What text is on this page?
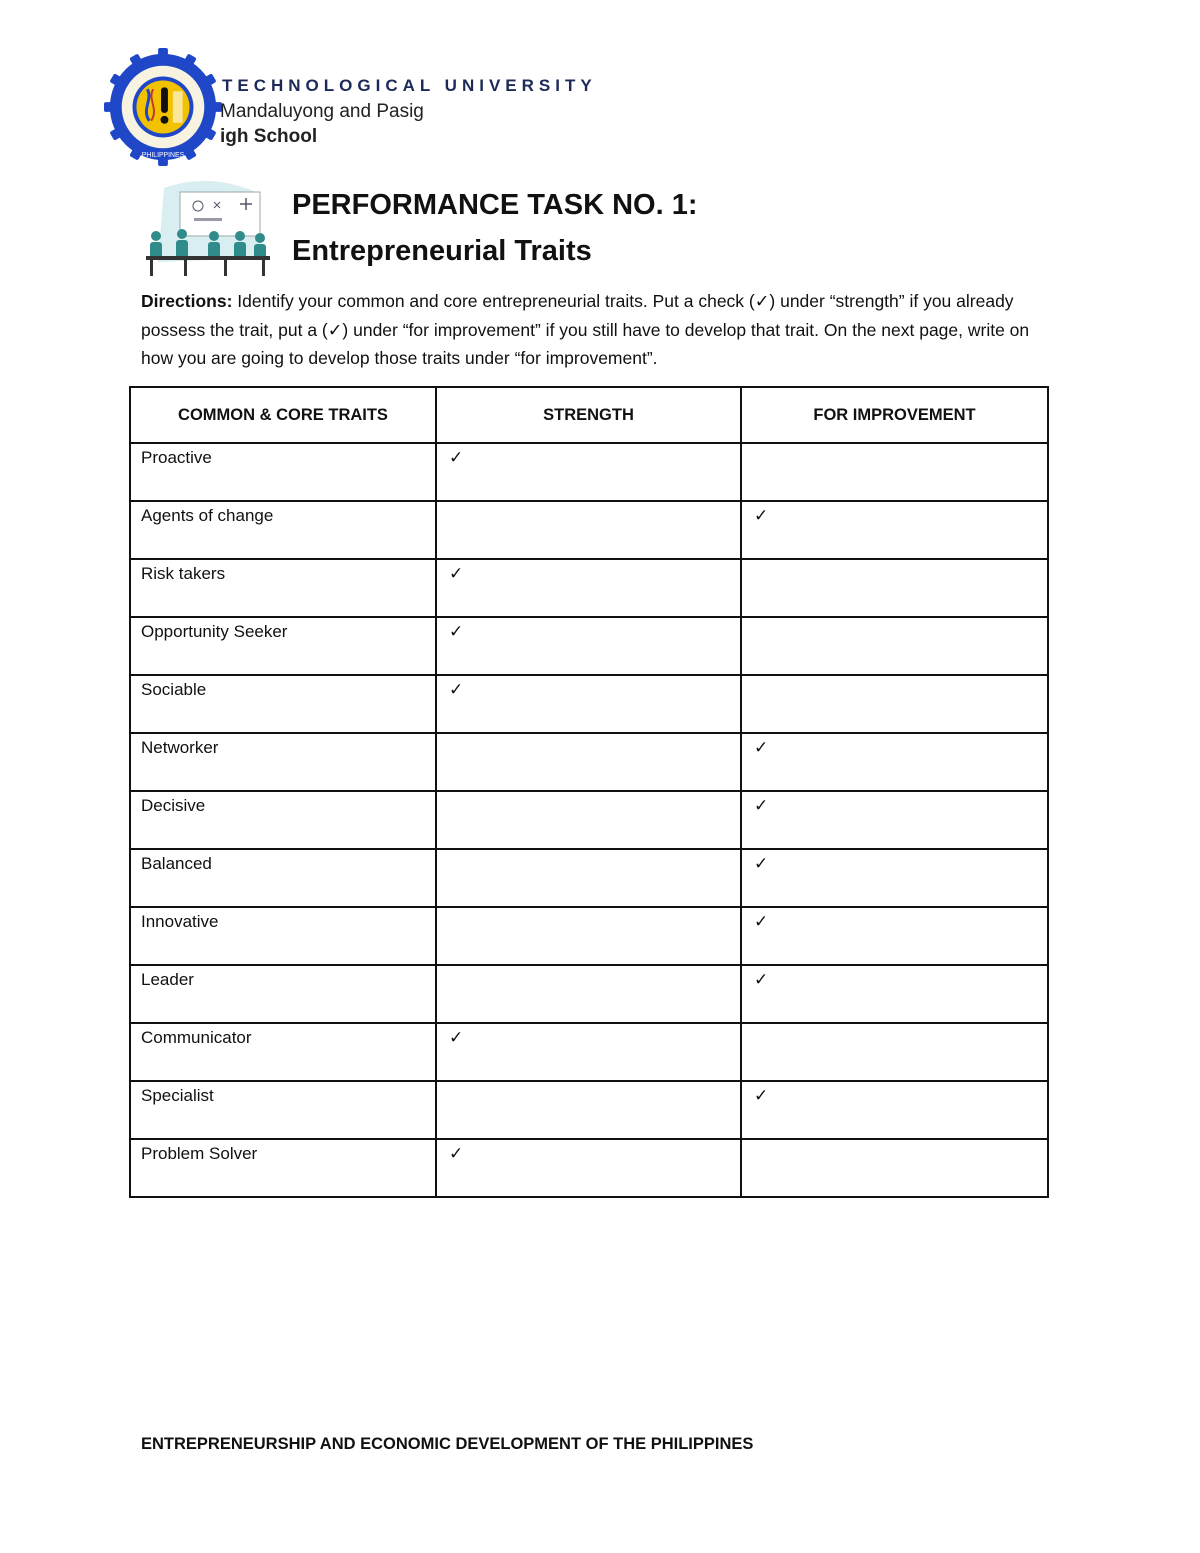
PHILIPPINES
TECHNOLOGICAL UNIVERSITY
Mandaluyong and Pasig
igh School
PERFORMANCE TASK NO. 1:
Entrepreneurial Traits
Directions: Identify your common and core entrepreneurial traits. Put a check (✓) under “strength” if you already possess the trait, put a (✓) under “for improvement” if you still have to develop that trait. On the next page, write on how you are going to develop those traits under “for improvement”.
COMMON & CORE TRAITS	STRENGTH	FOR IMPROVEMENT
Proactive	✓	
Agents of change		✓
Risk takers	✓	
Opportunity Seeker	✓	
Sociable	✓	
Networker		✓
Decisive		✓
Balanced		✓
Innovative		✓
Leader		✓
Communicator	✓	
Specialist		✓
Problem Solver	✓	
ENTREPRENEURSHIP AND ECONOMIC DEVELOPMENT OF THE PHILIPPINES
